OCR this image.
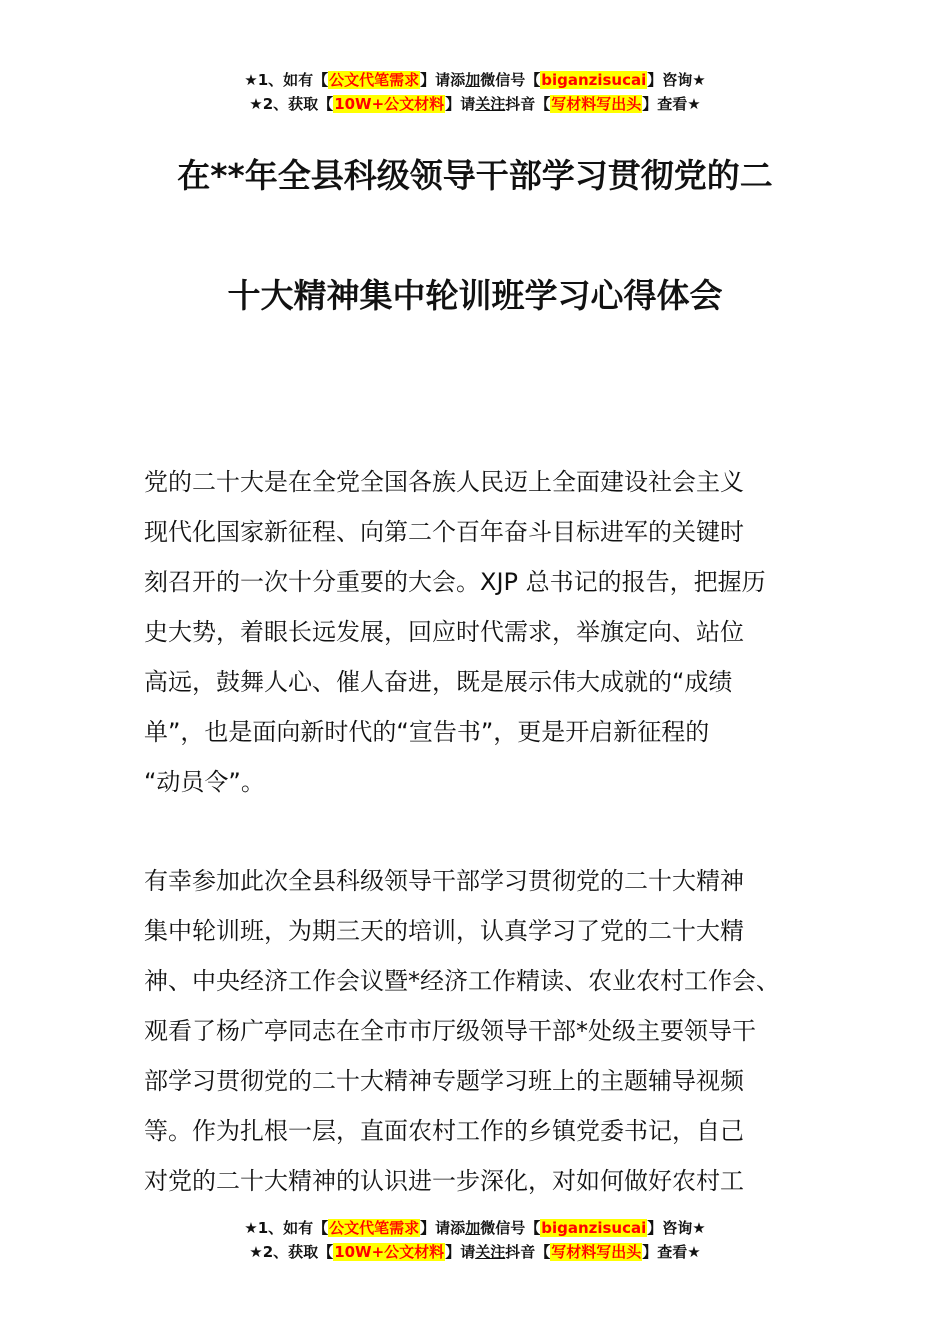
★1、如有【公文代笔需求】请添加微信号【biganzisucai】咨询★
★2、获取【10W+公文材料】请关注抖音【写材料写出头】查看★
在**年全县科级领导干部学习贯彻党的二
十大精神集中轮训班学习心得体会
党的二十大是在全党全国各族人民迈上全面建设社会主义
现代化国家新征程、向第二个百年奋斗目标进军的关键时
刻召开的一次十分重要的大会。XJP 总书记的报告，把握历
史大势，着眼长远发展，回应时代需求，举旗定向、站位
高远，鼓舞人心、催人奋进，既是展示伟大成就的“成绩
单”，也是面向新时代的“宣告书”，更是开启新征程的
“动员令”。
有幸参加此次全县科级领导干部学习贯彻党的二十大精神
集中轮训班，为期三天的培训，认真学习了党的二十大精
神、中央经济工作会议暨*经济工作精读、农业农村工作会、
观看了杨广亭同志在全市市厅级领导干部*处级主要领导干
部学习贯彻党的二十大精神专题学习班上的主题辅导视频
等。作为扎根一层，直面农村工作的乡镇党委书记，自己
对党的二十大精神的认识进一步深化，对如何做好农村工
★1、如有【公文代笔需求】请添加微信号【biganzisucai】咨询★
★2、获取【10W+公文材料】请关注抖音【写材料写出头】查看★
